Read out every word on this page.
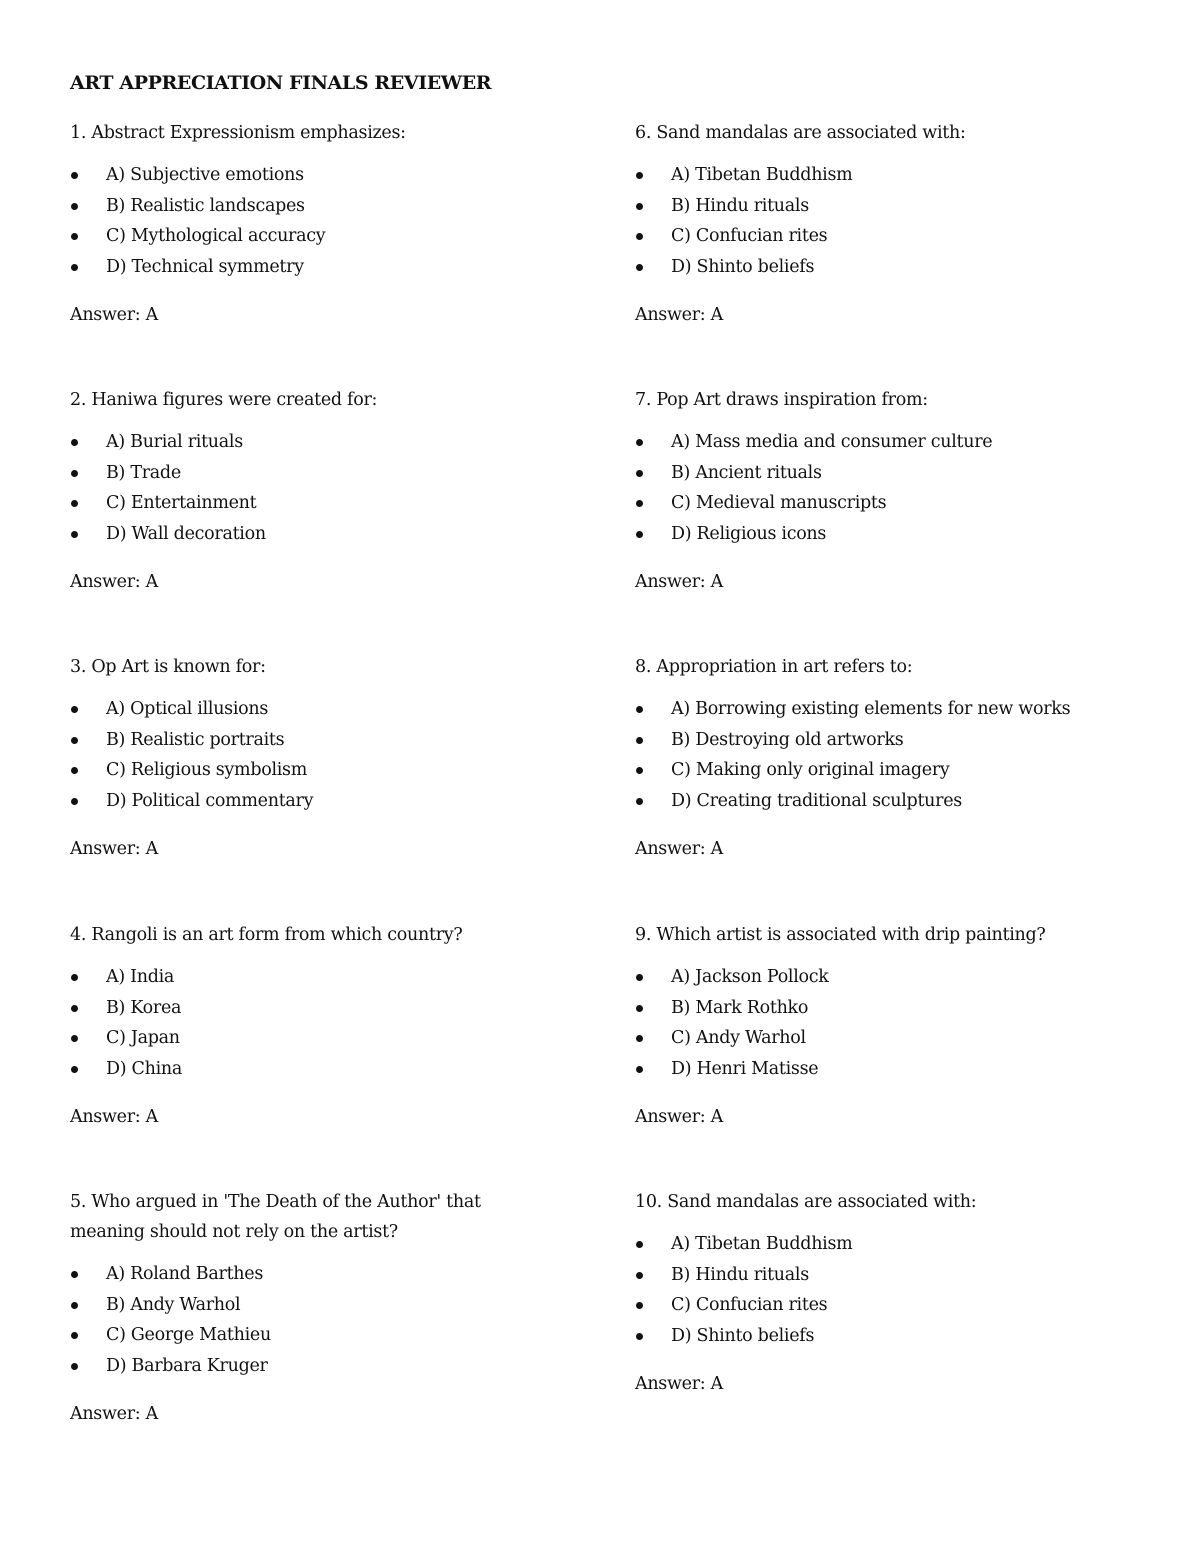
ART APPRECIATION FINALS REVIEWER

1. Abstract Expressionism emphasizes:

A) Subjective emotions
B) Realistic landscapes
C) Mythological accuracy
D) Technical symmetry
Answer: A

2. Haniwa figures were created for:

A) Burial rituals
B) Trade
C) Entertainment
D) Wall decoration
Answer: A

3. Op Art is known for:

A) Optical illusions
B) Realistic portraits
C) Religious symbolism
D) Political commentary
Answer: A

4. Rangoli is an art form from which country?

A) India
B) Korea
C) Japan
D) China
Answer: A

5. Who argued in 'The Death of the Author' that meaning should not rely on the artist?

A) Roland Barthes
B) Andy Warhol
C) George Mathieu
D) Barbara Kruger
Answer: A

6. Sand mandalas are associated with:

A) Tibetan Buddhism
B) Hindu rituals
C) Confucian rites
D) Shinto beliefs
Answer: A

7. Pop Art draws inspiration from:

A) Mass media and consumer culture
B) Ancient rituals
C) Medieval manuscripts
D) Religious icons
Answer: A

8. Appropriation in art refers to:

A) Borrowing existing elements for new works
B) Destroying old artworks
C) Making only original imagery
D) Creating traditional sculptures
Answer: A

9. Which artist is associated with drip painting?

A) Jackson Pollock
B) Mark Rothko
C) Andy Warhol
D) Henri Matisse
Answer: A

10. Sand mandalas are associated with:

A) Tibetan Buddhism
B) Hindu rituals
C) Confucian rites
D) Shinto beliefs
Answer: A
